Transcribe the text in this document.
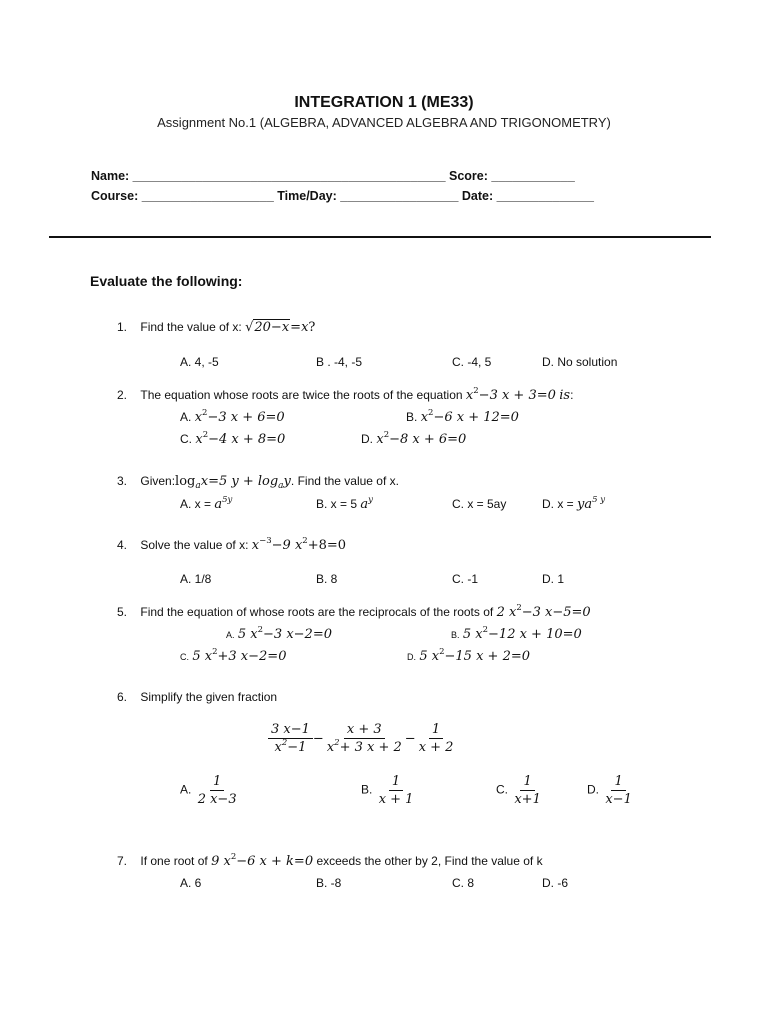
INTEGRATION 1 (ME33)
Assignment No.1 (ALGEBRA, ADVANCED ALGEBRA AND TRIGONOMETRY)
Name: _____________________________________________ Score: ____________
Course: ___________________ Time/Day: _________________ Date: ______________
Evaluate the following:
1. Find the value of x: √20−x=x?
A. 4, -5	B . -4, -5	C. -4, 5	D. No solution
2. The equation whose roots are twice the roots of the equation $x^2-3$ x + 3=0 is:
A. $x^2-3$ x + 6=0	B. $x^2-6$ x + 12=0
C. $x^2-4$ x + 8=0	D. $x^2-8$ x + 6=0
3. $Given:\log_ax=5$ $y + \log_ay$. Find the value of x.
A. $x = a^{5y}$	B. x = 5 $a^y$	C. x = 5ay	D. $x = ya^{5 y}$
4. Solve the value of x: $x^{-3}-9$ $x^2+8=0$
A. 1/8	B. 8	C. -1	D. 1
5. Find the equation of whose roots are the reciprocals of the roots of 2 $x^2-3$ x−5=0
A. 5 $x^2-3$ x−2=0	B. 5 $x^2-12$ x + 10=0
C. 5 $x^2+3$ x−2=0	D. 5 $x^2-15$ x + 2=0
6. Simplify the given fraction
$\frac{3 x-1}{x^2-1} - \frac{x + 3}{x^2+ 3 x + 2} - \frac{1}{x + 2}$
A. $\frac{1}{2 x-3}$	B. $\frac{1}{x + 1}$	C. $\frac{1}{x+1}$	D. $\frac{1}{x-1}$
7. If one root of 9 $x^2-6$ x + k=0 exceeds the other by 2, Find the value of k
A. 6	B. -8	C. 8	D. -6
